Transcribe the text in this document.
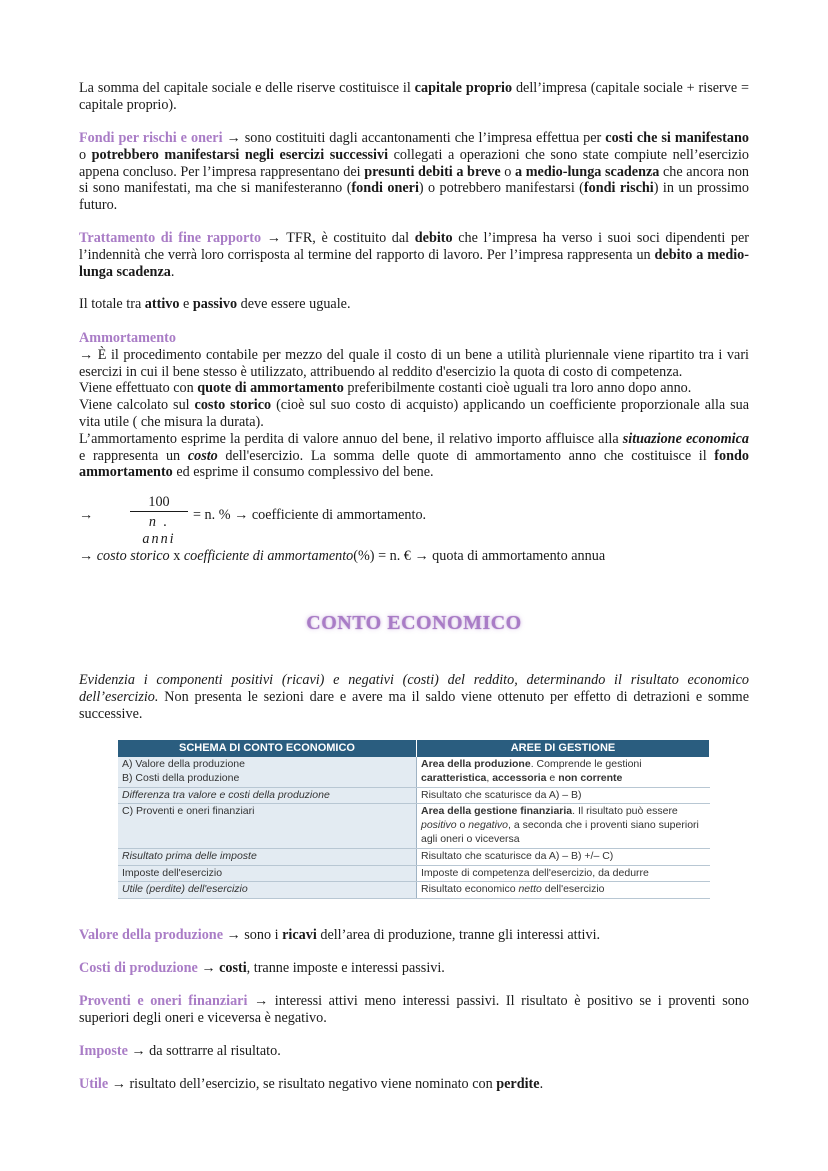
La somma del capitale sociale e delle riserve costituisce il capitale proprio dell’impresa (capitale sociale + riserve = capitale proprio).

Fondi per rischi e oneri → sono costituiti dagli accantonamenti che l’impresa effettua per costi che si manifestano o potrebbero manifestarsi negli esercizi successivi collegati a operazioni che sono state compiute nell’esercizio appena concluso. Per l’impresa rappresentano dei presunti debiti a breve o a medio-lunga scadenza che ancora non si sono manifestati, ma che si manifesteranno (fondi oneri) o potrebbero manifestarsi (fondi rischi) in un prossimo futuro.

Trattamento di fine rapporto → TFR, è costituito dal debito che l’impresa ha verso i suoi soci dipendenti per l’indennità che verrà loro corrisposta al termine del rapporto di lavoro. Per l’impresa rappresenta un debito a medio-lunga scadenza.

Il totale tra attivo e passivo deve essere uguale.

Ammortamento
→ È il procedimento contabile per mezzo del quale il costo di un bene a utilità pluriennale viene ripartito tra i vari esercizi in cui il bene stesso è utilizzato, attribuendo al reddito d'esercizio la quota di costo di competenza.
Viene effettuato con quote di ammortamento preferibilmente costanti cioè uguali tra loro anno dopo anno.
Viene calcolato sul costo storico (cioè sul suo costo di acquisto) applicando un coefficiente proporzionale alla sua vita utile ( che misura la durata).
L’ammortamento esprime la perdita di valore annuo del bene, il relativo importo affluisce alla situazione economica e rappresenta un costo dell'esercizio. La somma delle quote di ammortamento anno che costituisce il fondo ammortamento ed esprime il consumo complessivo del bene.

→
100
n . anni
= n. % → coefficiente di ammortamento.

→ costo storico x coefficiente di ammortamento(%) = n. € → quota di ammortamento annua

CONTO ECONOMICO

Evidenzia i componenti positivi (ricavi) e negativi (costi) del reddito, determinando il risultato economico dell’esercizio. Non presenta le sezioni dare e avere ma il saldo viene ottenuto per effetto di detrazioni e somme successive.

SCHEMA DI CONTO ECONOMICO	AREE DI GESTIONE
A) Valore della produzione
B) Costi della produzione	Area della produzione. Comprende le gestioni
caratteristica, accessoria e non corrente
Differenza tra valore e costi della produzione	Risultato che scaturisce da A) – B)
C) Proventi e oneri finanziari	Area della gestione finanziaria. Il risultato può essere
positivo o negativo, a seconda che i proventi siano superiori agli oneri o viceversa
Risultato prima delle imposte	Risultato che scaturisce da A) – B) +/– C)
Imposte dell'esercizio	Imposte di competenza dell'esercizio, da dedurre
Utile (perdite) dell'esercizio	Risultato economico netto dell'esercizio

Valore della produzione → sono i ricavi dell’area di produzione, tranne gli interessi attivi.

Costi di produzione → costi, tranne imposte e interessi passivi.

Proventi e oneri finanziari → interessi attivi meno interessi passivi. Il risultato è positivo se i proventi sono superiori degli oneri e viceversa è negativo.

Imposte → da sottrarre al risultato.

Utile → risultato dell’esercizio, se risultato negativo viene nominato con perdite.
